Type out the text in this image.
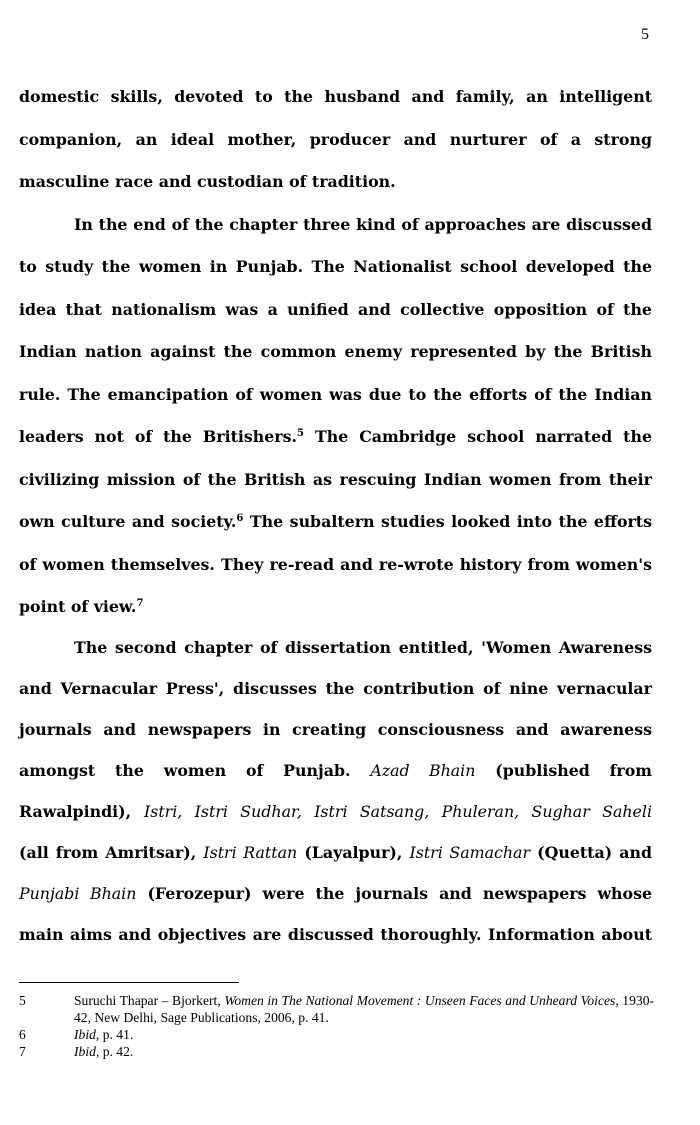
5
domestic skills, devoted to the husband and family, an intelligent
companion, an ideal mother, producer and nurturer of a strong
masculine race and custodian of tradition.
In the end of the chapter three kind of approaches are discussed
to study the women in Punjab. The Nationalist school developed the
idea that nationalism was a unified and collective opposition of the
Indian nation against the common enemy represented by the British
rule. The emancipation of women was due to the efforts of the Indian
leaders not of the Britishers.$^5$ The Cambridge school narrated the
civilizing mission of the British as rescuing Indian women from their
own culture and society.$^6$ The subaltern studies looked into the efforts
of women themselves. They re-read and re-wrote history from women's
point of view.$^7$
The second chapter of dissertation entitled, 'Women Awareness
and Vernacular Press', discusses the contribution of nine vernacular
journals and newspapers in creating consciousness and awareness
amongst the women of Punjab. Azad Bhain (published from
Rawalpindi), Istri, Istri Sudhar, Istri Satsang, Phuleran, Sughar Saheli
(all from Amritsar), Istri Rattan (Layalpur), Istri Samachar (Quetta) and
Punjabi Bhain (Ferozepur) were the journals and newspapers whose
main aims and objectives are discussed thoroughly. Information about
5	Suruchi Thapar – Bjorkert, Women in The National Movement : Unseen Faces and Unheard Voices, 1930-42, New Delhi, Sage Publications, 2006, p. 41.
6	Ibid, p. 41.
7	Ibid, p. 42.
